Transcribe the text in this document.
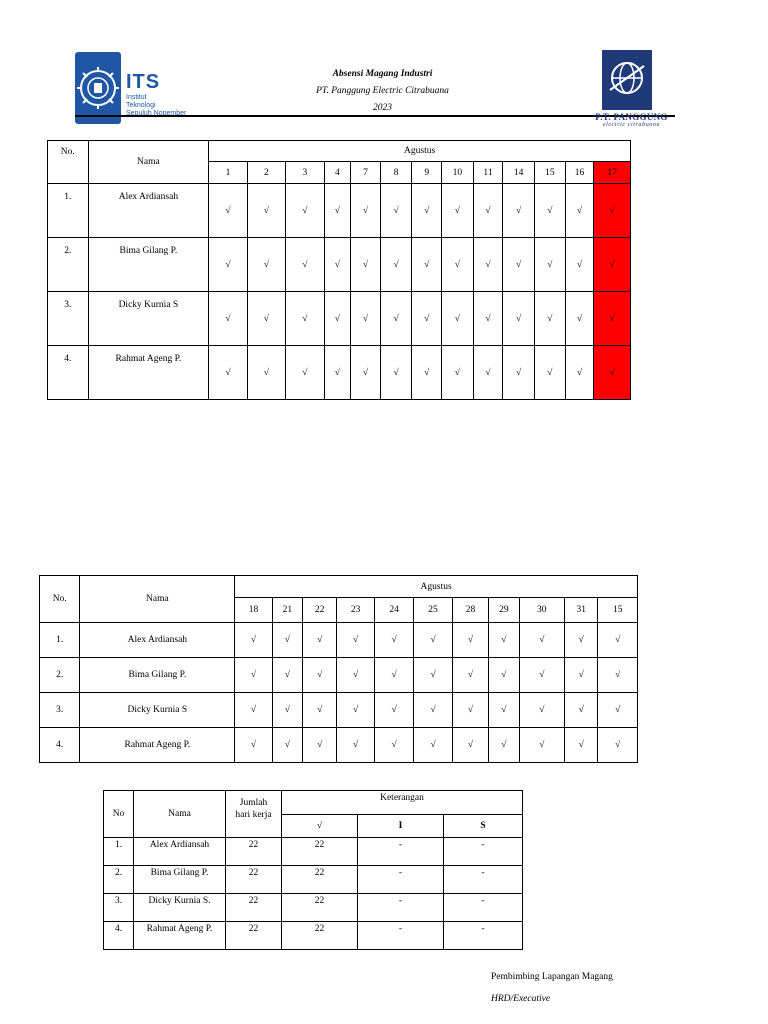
ITS
Institut
Teknologi
Sepuluh Nopember
Absensi Magang Industri
PT. Panggung Electric Citrabuana
2023
P.T. PANGGUNG
electric citrabuana
No.	Nama	Agustus												
		1	2	3	4	7	8	9	10	11	14	15	16	17
1.	Alex Ardiansah	√	√	√	√	√	√	√	√	√	√	√	√	√
2.	Bima Gilang P.	√	√	√	√	√	√	√	√	√	√	√	√	√
3.	Dicky Kurnia S	√	√	√	√	√	√	√	√	√	√	√	√	√
4.	Rahmat Ageng P.	√	√	√	√	√	√	√	√	√	√	√	√	√
No.	Nama	Agustus										
		18	21	22	23	24	25	28	29	30	31	15
1.	Alex Ardiansah	√	√	√	√	√	√	√	√	√	√	√
2.	Bima Gilang P.	√	√	√	√	√	√	√	√	√	√	√
3.	Dicky Kurnia S	√	√	√	√	√	√	√	√	√	√	√
4.	Rahmat Ageng P.	√	√	√	√	√	√	√	√	√	√	√
No	Nama	Jumlah
hari kerja	Keterangan		
			√	I	S
1.	Alex Ardiansah	22	22	-	-
2.	Bima Gilang P.	22	22	-	-
3.	Dicky Kurnia S.	22	22	-	-
4.	Rahmat Ageng P.	22	22	-	-
Pembimbing Lapangan Magang
HRD/Executive
